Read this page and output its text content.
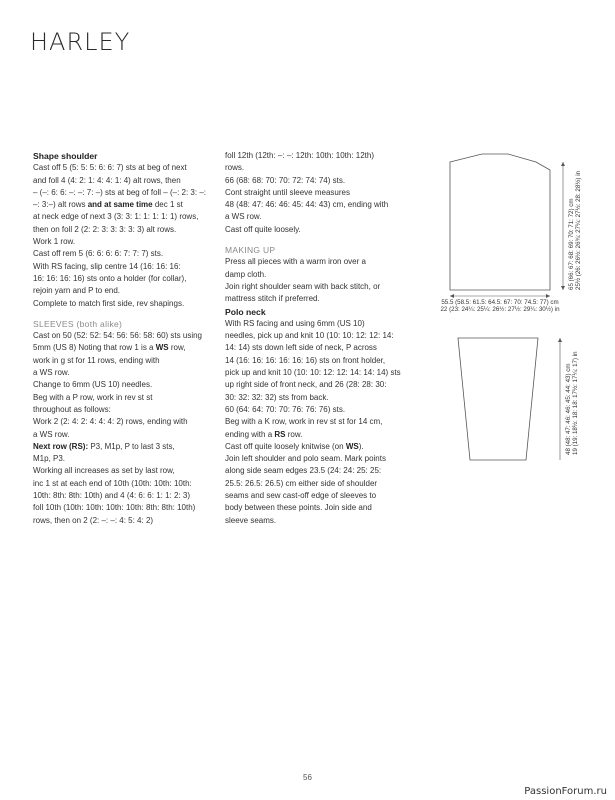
HARLEY

Shape shoulder

Cast off 5 (5: 5: 5: 6: 6: 7) sts at beg of next

and foll 4 (4: 2: 1: 4: 4: 1: 4) alt rows, then

– (–: 6: 6: –: –: 7: –) sts at beg of foll – (–: 2: 3: –:

–: 3:–) alt rows and at same time dec 1 st

at neck edge of next 3 (3: 3: 1: 1: 1: 1: 1) rows,

then on foll 2 (2: 2: 3: 3: 3: 3: 3) alt rows.

Work 1 row.

Cast off rem 5 (6: 6: 6: 6: 7: 7: 7) sts.

With RS facing, slip centre 14 (16: 16: 16:

16: 16: 16: 16) sts onto a holder (for collar),

rejoin yarn and P to end.

Complete to match first side, rev shapings.

SLEEVES (both alike)

Cast on 50 (52: 52: 54: 56: 56: 58: 60) sts using

5mm (US 8) Noting that row 1 is a WS row,

work in g st for 11 rows, ending with

a WS row.

Change to 6mm (US 10) needles.

Beg with a P row, work in rev st st

throughout as follows:

Work 2 (2: 4: 2: 4: 4: 4: 2) rows, ending with

a WS row.

Next row (RS): P3, M1p, P to last 3 sts,

M1p, P3.

Working all increases as set by last row,

inc 1 st at each end of 10th (10th: 10th: 10th:

10th: 8th: 8th: 10th) and 4 (4: 6: 6: 1: 1: 2: 3)

foll 10th (10th: 10th: 10th: 10th: 8th: 8th: 10th)

rows, then on 2 (2: –: –: 4: 5: 4: 2)

foll 12th (12th: –: –: 12th: 10th: 10th: 12th)

rows.

66 (68: 68: 70: 70: 72: 74: 74) sts.

Cont straight until sleeve measures

48 (48: 47: 46: 46: 45: 44: 43) cm, ending with

a WS row.

Cast off quite loosely.

MAKING UP

Press all pieces with a warm iron over a

damp cloth.

Join right shoulder seam with back stitch, or

mattress stitch if preferred.

Polo neck

With RS facing and using 6mm (US 10)

needles, pick up and knit 10 (10: 10: 12: 12: 14:

14: 14) sts down left side of neck, P across

14 (16: 16: 16: 16: 16: 16) sts on front holder,

pick up and knit 10 (10: 10: 12: 12: 14: 14: 14) sts

up right side of front neck, and 26 (28: 28: 30:

30: 32: 32: 32) sts from back.

60 (64: 64: 70: 70: 76: 76: 76) sts.

Beg with a K row, work in rev st st for 14 cm,

ending with a RS row.

Cast off quite loosely knitwise (on WS).

Join left shoulder and polo seam. Mark points

along side seam edges 23.5 (24: 24: 25: 25:

25.5: 26.5: 26.5) cm either side of shoulder

seams and sew cast-off edge of sleeves to

body between these points. Join side and

sleeve seams.

55.5 (58.5: 61.5: 64.5: 67: 70: 74.5: 77) cm
22 (23: 24¼: 25¼: 26½: 27½: 29¼: 30½) in
65 (66: 67: 68: 69: 70: 71: 72) cm 25½ (26: 26½: 26¾: 27¼: 27½: 28: 28½) in
48 (48: 47: 46: 46: 45: 44: 43) cm 19 (19: 18½: 18: 18: 17½: 17¼: 17) in
56
PassionForum.ru
